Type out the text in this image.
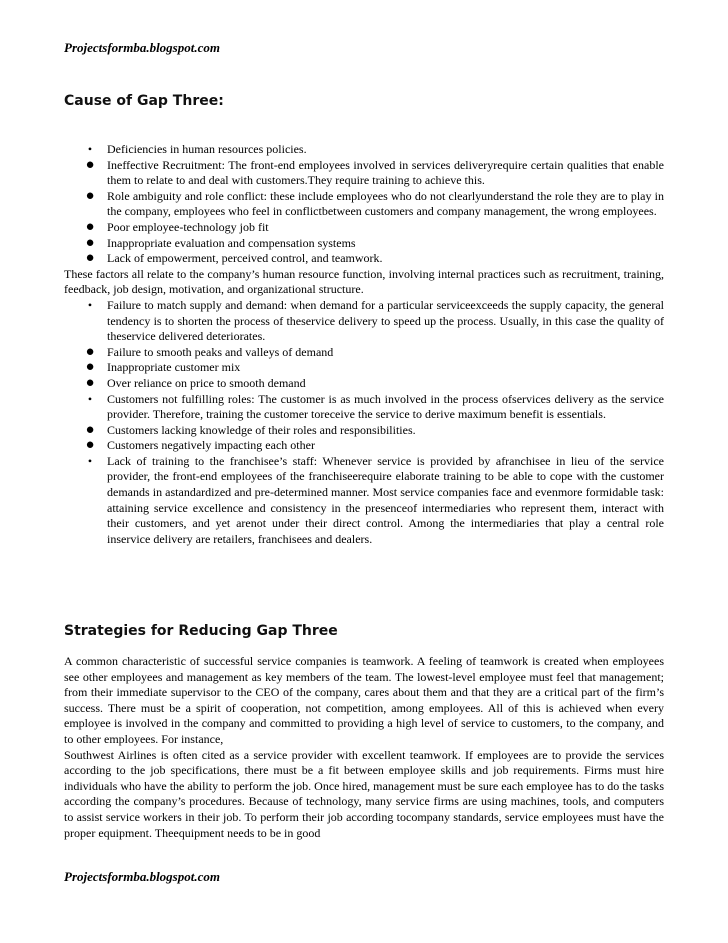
Projectsformba.blogspot.com
Cause of Gap Three:
•	Deficiencies in human resources policies.
● Ineffective Recruitment: The front-end employees involved in services deliveryrequire certain qualities that enable them to relate to and deal with customers.They require training to achieve this.
● Role ambiguity and role conflict: these include employees who do not clearlyunderstand the role they are to play in the company, employees who feel in conflictbetween customers and company management, the wrong employees.
● Poor employee-technology job fit
● Inappropriate evaluation and compensation systems
● Lack of empowerment, perceived control, and teamwork.
These factors all relate to the company’s human resource function, involving internal practices such as recruitment, training, feedback, job design, motivation, and organizational structure.
•	Failure to match supply and demand: when demand for a particular serviceexceeds the supply capacity, the general tendency is to shorten the process of theservice delivery to speed up the process. Usually, in this case the quality of theservice delivered deteriorates.
● Failure to smooth peaks and valleys of demand
● Inappropriate customer mix
● Over reliance on price to smooth demand
•	Customers not fulfilling roles: The customer is as much involved in the process ofservices delivery as the service provider. Therefore, training the customer toreceive the service to derive maximum benefit is essentials.
● Customers lacking knowledge of their roles and responsibilities.
● Customers negatively impacting each other
•	Lack of training to the franchisee’s staff: Whenever service is provided by afranchisee in lieu of the service provider, the front-end employees of the franchiseerequire elaborate training to be able to cope with the customer demands in astandardized and pre-determined manner. Most service companies face and evenmore formidable task: attaining service excellence and consistency in the presenceof intermediaries who represent them, interact with their customers, and yet arenot under their direct control. Among the intermediaries that play a central role inservice delivery are retailers, franchisees and dealers.
Strategies for Reducing Gap Three
A common characteristic of successful service companies is teamwork. A feeling of teamwork is created when employees see other employees and management as key members of the team. The lowest-level employee must feel that management; from their immediate supervisor to the CEO of the company, cares about them and that they are a critical part of the firm’s success. There must be a spirit of cooperation, not competition, among employees. All of this is achieved when every employee is involved in the company and committed to providing a high level of service to customers, to the company, and to other employees. For instance,
Southwest Airlines is often cited as a service provider with excellent teamwork. If employees are to provide the services according to the job specifications, there must be a fit between employee skills and job requirements. Firms must hire individuals who have the ability to perform the job. Once hired, management must be sure each employee has to do the tasks according the company’s procedures. Because of technology, many service firms are using machines, tools, and computers to assist service workers in their job. To perform their job according tocompany standards, service employees must have the proper equipment. Theequipment needs to be in good
Projectsformba.blogspot.com
